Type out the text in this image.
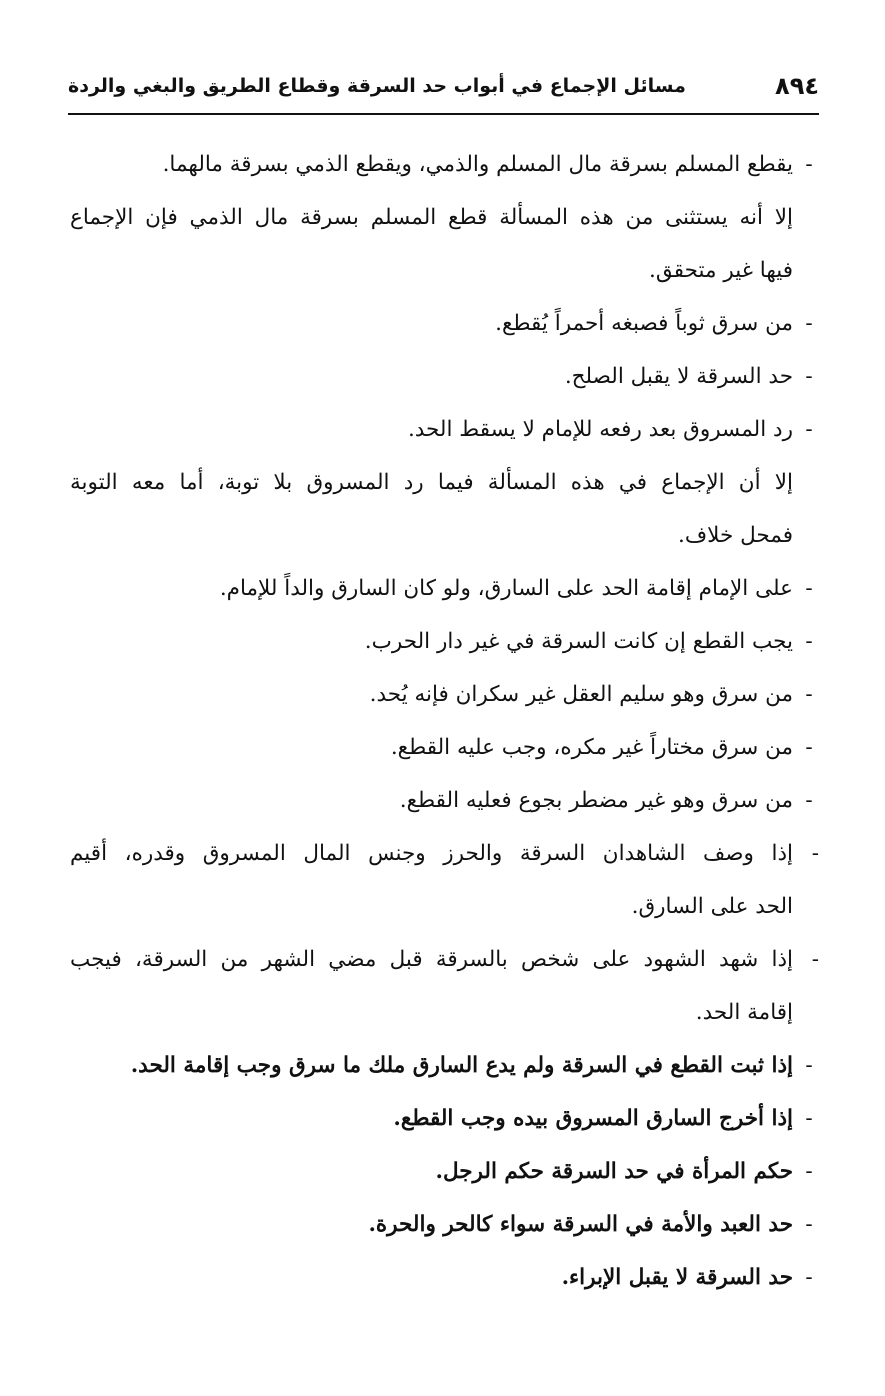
٨٩٤
مسائل الإجماع في أبواب حد السرقة وقطاع الطريق والبغي والردة
-
يقطع المسلم بسرقة مال المسلم والذمي، ويقطع الذمي بسرقة مالهما.
إلا أنه يستثنى من هذه المسألة قطع المسلم بسرقة مال الذمي فإن الإجماع
فيها غير متحقق.
-
من سرق ثوباً فصبغه أحمراً يُقطع.
-
حد السرقة لا يقبل الصلح.
-
رد المسروق بعد رفعه للإمام لا يسقط الحد.
إلا أن الإجماع في هذه المسألة فيما رد المسروق بلا توبة، أما معه التوبة
فمحل خلاف.
-
على الإمام إقامة الحد على السارق، ولو كان السارق والداً للإمام.
-
يجب القطع إن كانت السرقة في غير دار الحرب.
-
من سرق وهو سليم العقل غير سكران فإنه يُحد.
-
من سرق مختاراً غير مكره، وجب عليه القطع.
-
من سرق وهو غير مضطر بجوع فعليه القطع.
-
إذا وصف الشاهدان السرقة والحرز وجنس المال المسروق وقدره، أقيم
الحد على السارق.
-
إذا شهد الشهود على شخص بالسرقة قبل مضي الشهر من السرقة، فيجب
إقامة الحد.
-
إذا ثبت القطع في السرقة ولم يدع السارق ملك ما سرق وجب إقامة الحد.
-
إذا أخرج السارق المسروق بيده وجب القطع.
-
حكم المرأة في حد السرقة حكم الرجل.
-
حد العبد والأمة في السرقة سواء كالحر والحرة.
-
حد السرقة لا يقبل الإبراء.
